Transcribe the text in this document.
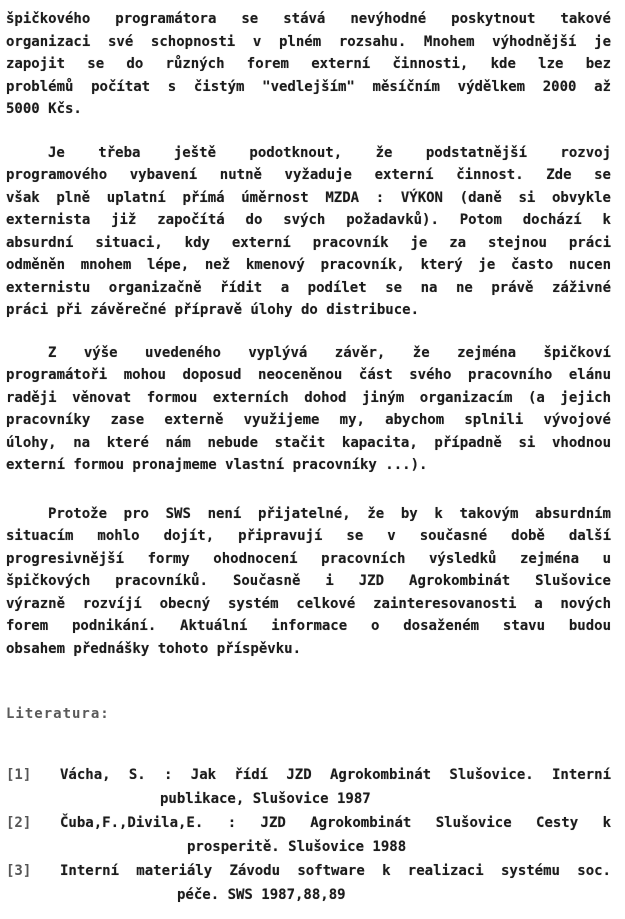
špičkového programátora se stává nevýhodné poskytnout takové
organizaci své schopnosti v plném rozsahu. Mnohem výhodnější je
zapojit se do různých forem externí činnosti, kde lze bez
problémů počítat s čistým "vedlejším" měsíčním výdělkem 2000 až
5000 Kčs.
Je třeba ještě podotknout, že podstatnější rozvoj
programového vybavení nutně vyžaduje externí činnost. Zde se
však plně uplatní přímá úměrnost MZDA : VÝKON (daně si obvykle
externista již započítá do svých požadavků). Potom dochází k
absurdní situaci, kdy externí pracovník je za stejnou práci
odměněn mnohem lépe, než kmenový pracovník, který je často nucen
externistu organizačně řídit a podílet se na ne právě záživné
práci při závěrečné přípravě úlohy do distribuce.
Z výše uvedeného vyplývá závěr, že zejména špičkoví
programátoři mohou doposud neoceněnou část svého pracovního elánu
raději věnovat formou externích dohod jiným organizacím (a jejich
pracovníky zase externě využijeme my, abychom splnili vývojové
úlohy, na které nám nebude stačit kapacita, případně si vhodnou
externí formou pronajmeme vlastní pracovníky ...).
Protože pro SWS není přijatelné, že by k takovým absurdním
situacím mohlo dojít, připravují se v současné době další
progresivnější formy ohodnocení pracovních výsledků zejména u
špičkových pracovníků. Současně i JZD Agrokombinát Slušovice
výrazně rozvíjí obecný systém celkové zainteresovanosti a nových
forem podnikání. Aktuální informace o dosaženém stavu budou
obsahem přednášky tohoto příspěvku.
Literatura:
[1]	Vácha, S. : Jak řídí JZD Agrokombinát Slušovice. Interní
publikace, Slušovice 1987
[2]	Čuba,F.,Divila,E. : JZD Agrokombinát Slušovice Cesty k
prosperitě. Slušovice 1988
[3]	Interní materiály Závodu software k realizaci systému soc.
péče. SWS 1987,88,89
